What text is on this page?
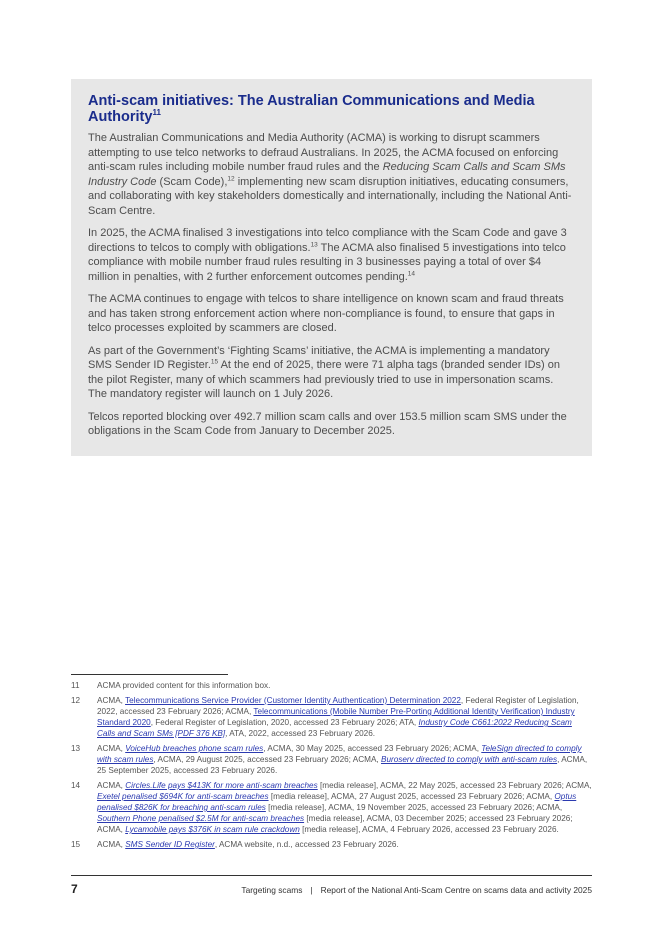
Anti-scam initiatives: The Australian Communications and Media Authority$^{11}$

The Australian Communications and Media Authority (ACMA) is working to disrupt scammers attempting to use telco networks to defraud Australians. In 2025, the ACMA focused on enforcing anti-scam rules including mobile number fraud rules and the Reducing Scam Calls and Scam SMs Industry Code (Scam Code),$^{12}$ implementing new scam disruption initiatives, educating consumers, and collaborating with key stakeholders domestically and internationally, including the National Anti-Scam Centre.

In 2025, the ACMA finalised 3 investigations into telco compliance with the Scam Code and gave 3 directions to telcos to comply with obligations.$^{13}$ The ACMA also finalised 5 investigations into telco compliance with mobile number fraud rules resulting in 3 businesses paying a total of over $4 million in penalties, with 2 further enforcement outcomes pending.$^{14}$

The ACMA continues to engage with telcos to share intelligence on known scam and fraud threats and has taken strong enforcement action where non-compliance is found, to ensure that gaps in telco processes exploited by scammers are closed.

As part of the Government’s ‘Fighting Scams’ initiative, the ACMA is implementing a mandatory SMS Sender ID Register.$^{15}$ At the end of 2025, there were 71 alpha tags (branded sender IDs) on the pilot Register, many of which scammers had previously tried to use in impersonation scams. The mandatory register will launch on 1 July 2026.

Telcos reported blocking over 492.7 million scam calls and over 153.5 million scam SMS under the obligations in the Scam Code from January to December 2025.

11	ACMA provided content for this information box.
12	ACMA, Telecommunications Service Provider (Customer Identity Authentication) Determination 2022, Federal Register of Legislation, 2022, accessed 23 February 2026; ACMA, Telecommunications (Mobile Number Pre-Porting Additional Identity Verification) Industry Standard 2020, Federal Register of Legislation, 2020, accessed 23 February 2026; ATA, Industry Code C661:2022 Reducing Scam Calls and Scam SMs [PDF 376 KB], ATA, 2022, accessed 23 February 2026.
13	ACMA, VoiceHub breaches phone scam rules, ACMA, 30 May 2025, accessed 23 February 2026; ACMA, TeleSign directed to comply with scam rules, ACMA, 29 August 2025, accessed 23 February 2026; ACMA, Buroserv directed to comply with anti-scam rules, ACMA, 25 September 2025, accessed 23 February 2026.
14	ACMA, Circles.Life pays $413K for more anti-scam breaches [media release], ACMA, 22 May 2025, accessed 23 February 2026; ACMA, Exetel penalised $694K for anti-scam breaches [media release], ACMA, 27 August 2025, accessed 23 February 2026; ACMA, Optus penalised $826K for breaching anti-scam rules [media release], ACMA, 19 November 2025, accessed 23 February 2026; ACMA, Southern Phone penalised $2.5M for anti-scam breaches [media release], ACMA, 03 December 2025; accessed 23 February 2026; ACMA, Lycamobile pays $376K in scam rule crackdown [media release], ACMA, 4 February 2026, accessed 23 February 2026.
15	ACMA, SMS Sender ID Register, ACMA website, n.d., accessed 23 February 2026.
7	Targeting scams | Report of the National Anti-Scam Centre on scams data and activity 2025
